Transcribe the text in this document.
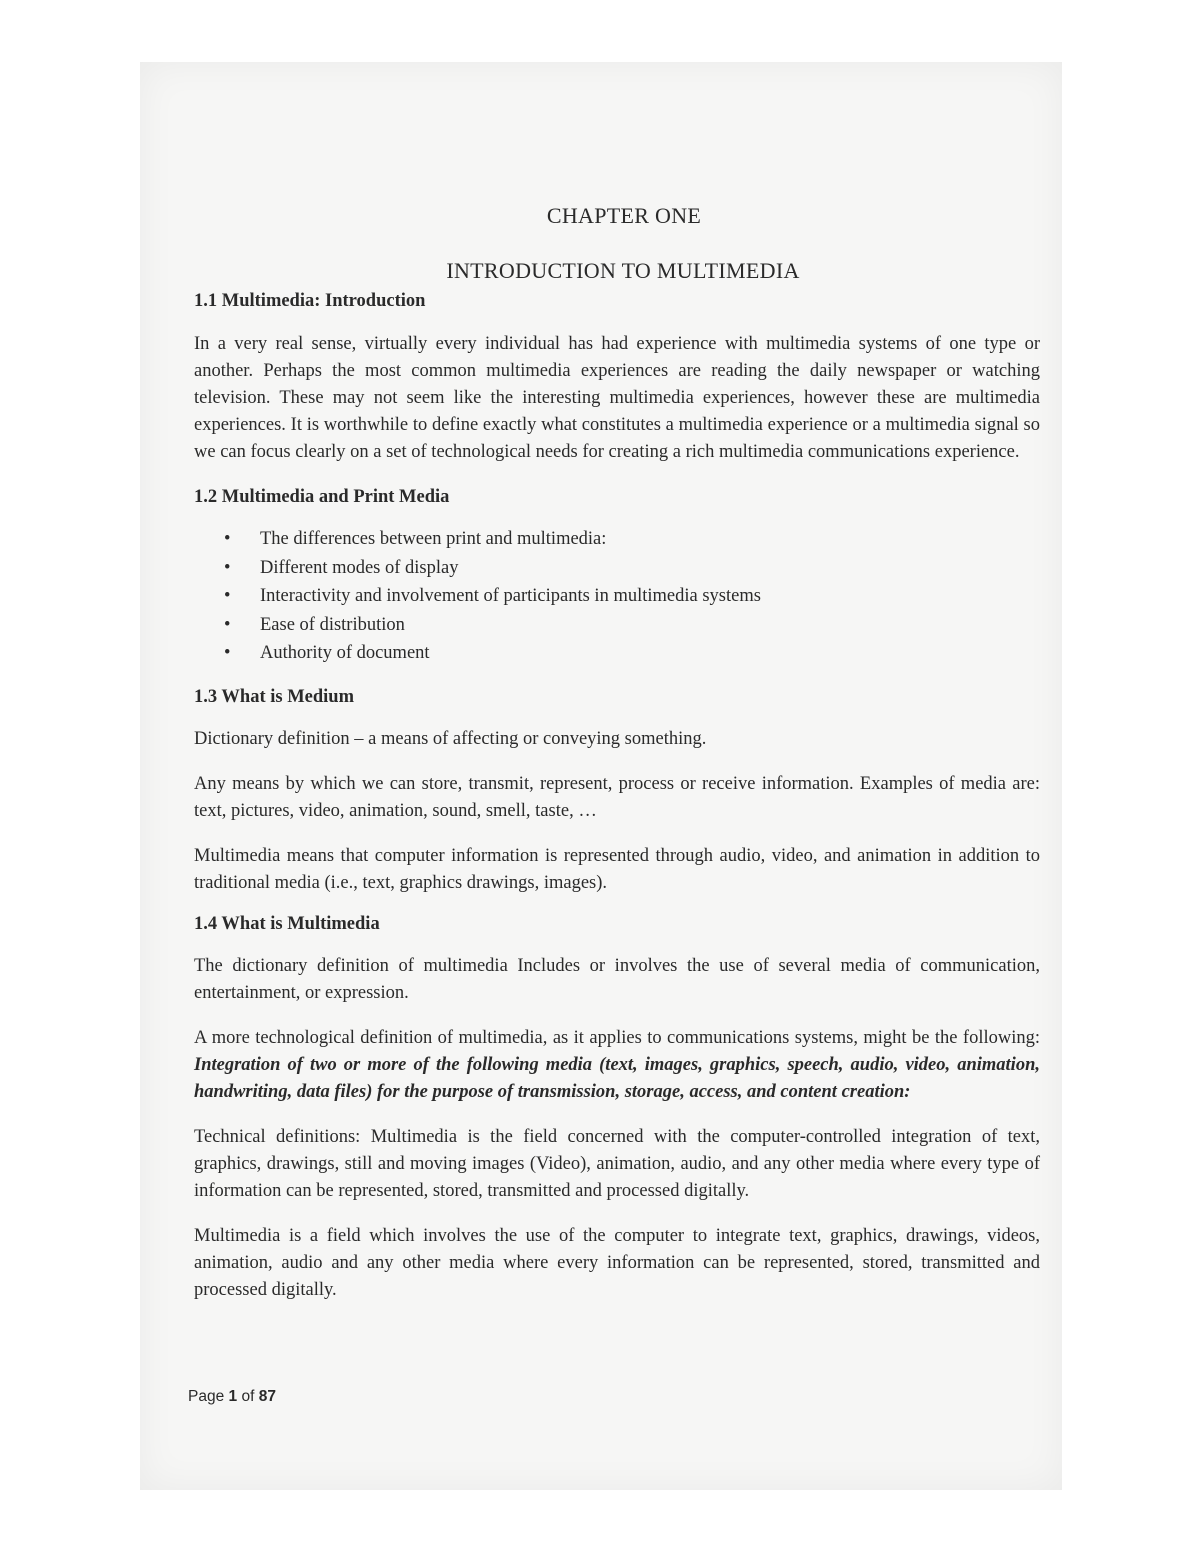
CHAPTER ONE
INTRODUCTION TO MULTIMEDIA
1.1 Multimedia: Introduction

In a very real sense, virtually every individual has had experience with multimedia systems of one type or another. Perhaps the most common multimedia experiences are reading the daily newspaper or watching television. These may not seem like the interesting multimedia experiences, however these are multimedia experiences. It is worthwhile to define exactly what constitutes a multimedia experience or a multimedia signal so we can focus clearly on a set of technological needs for creating a rich multimedia communications experience.

1.2 Multimedia and Print Media
• The differences between print and multimedia:
• Different modes of display
• Interactivity and involvement of participants in multimedia systems
• Ease of distribution
• Authority of document
1.3 What is Medium

Dictionary definition – a means of affecting or conveying something.

Any means by which we can store, transmit, represent, process or receive information. Examples of media are: text, pictures, video, animation, sound, smell, taste, …

Multimedia means that computer information is represented through audio, video, and animation in addition to traditional media (i.e., text, graphics drawings, images).

1.4 What is Multimedia

The dictionary definition of multimedia Includes or involves the use of several media of communication, entertainment, or expression.

A more technological definition of multimedia, as it applies to communications systems, might be the following: Integration of two or more of the following media (text, images, graphics, speech, audio, video, animation, handwriting, data files) for the purpose of transmission, storage, access, and content creation:

Technical definitions: Multimedia is the field concerned with the computer-controlled integration of text, graphics, drawings, still and moving images (Video), animation, audio, and any other media where every type of information can be represented, stored, transmitted and processed digitally.

Multimedia is a field which involves the use of the computer to integrate text, graphics, drawings, videos, animation, audio and any other media where every information can be represented, stored, transmitted and processed digitally.

Page 1 of 87
